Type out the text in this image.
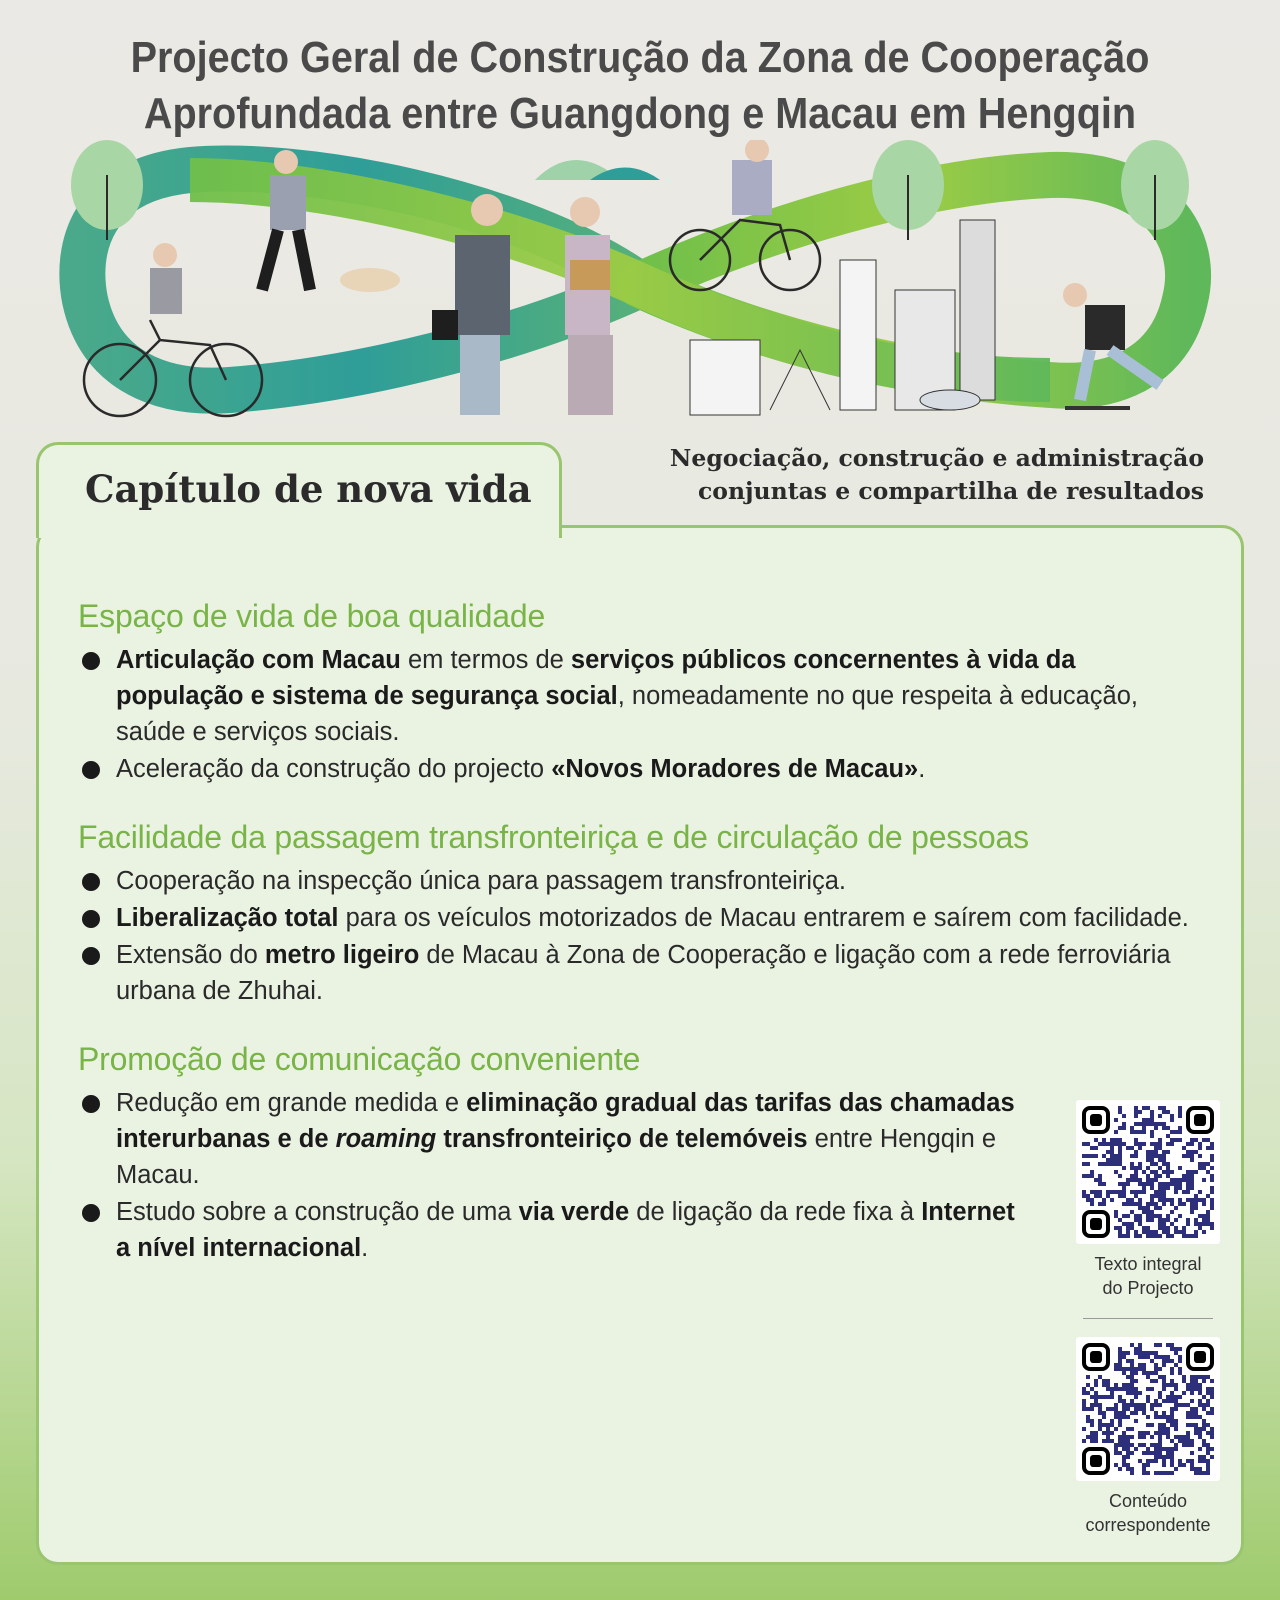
Projecto Geral de Construção da Zona de Cooperação
Aprofundada entre Guangdong e Macau em Hengqin
Capítulo de nova vida
Negociação, construção e administração
conjuntas e compartilha de resultados
Espaço de vida de boa qualidade
Articulação com Macau em termos de serviços públicos concernentes à vida da população e sistema de segurança social, nomeadamente no que respeita à educação, saúde e serviços sociais.
Aceleração da construção do projecto «Novos Moradores de Macau».
Facilidade da passagem transfronteiriça e de circulação de pessoas
Cooperação na inspecção única para passagem transfronteiriça.
Liberalização total para os veículos motorizados de Macau entrarem e saírem com facilidade.
Extensão do metro ligeiro de Macau à Zona de Cooperação e ligação com a rede ferroviária urbana de Zhuhai.
Promoção de comunicação conveniente
Redução em grande medida e eliminação gradual das tarifas das chamadas interurbanas e de roaming transfronteiriço de telemóveis entre Hengqin e Macau.
Estudo sobre a construção de uma via verde de ligação da rede fixa à Internet a nível internacional.
Texto integral
do Projecto
Conteúdo
correspondente
